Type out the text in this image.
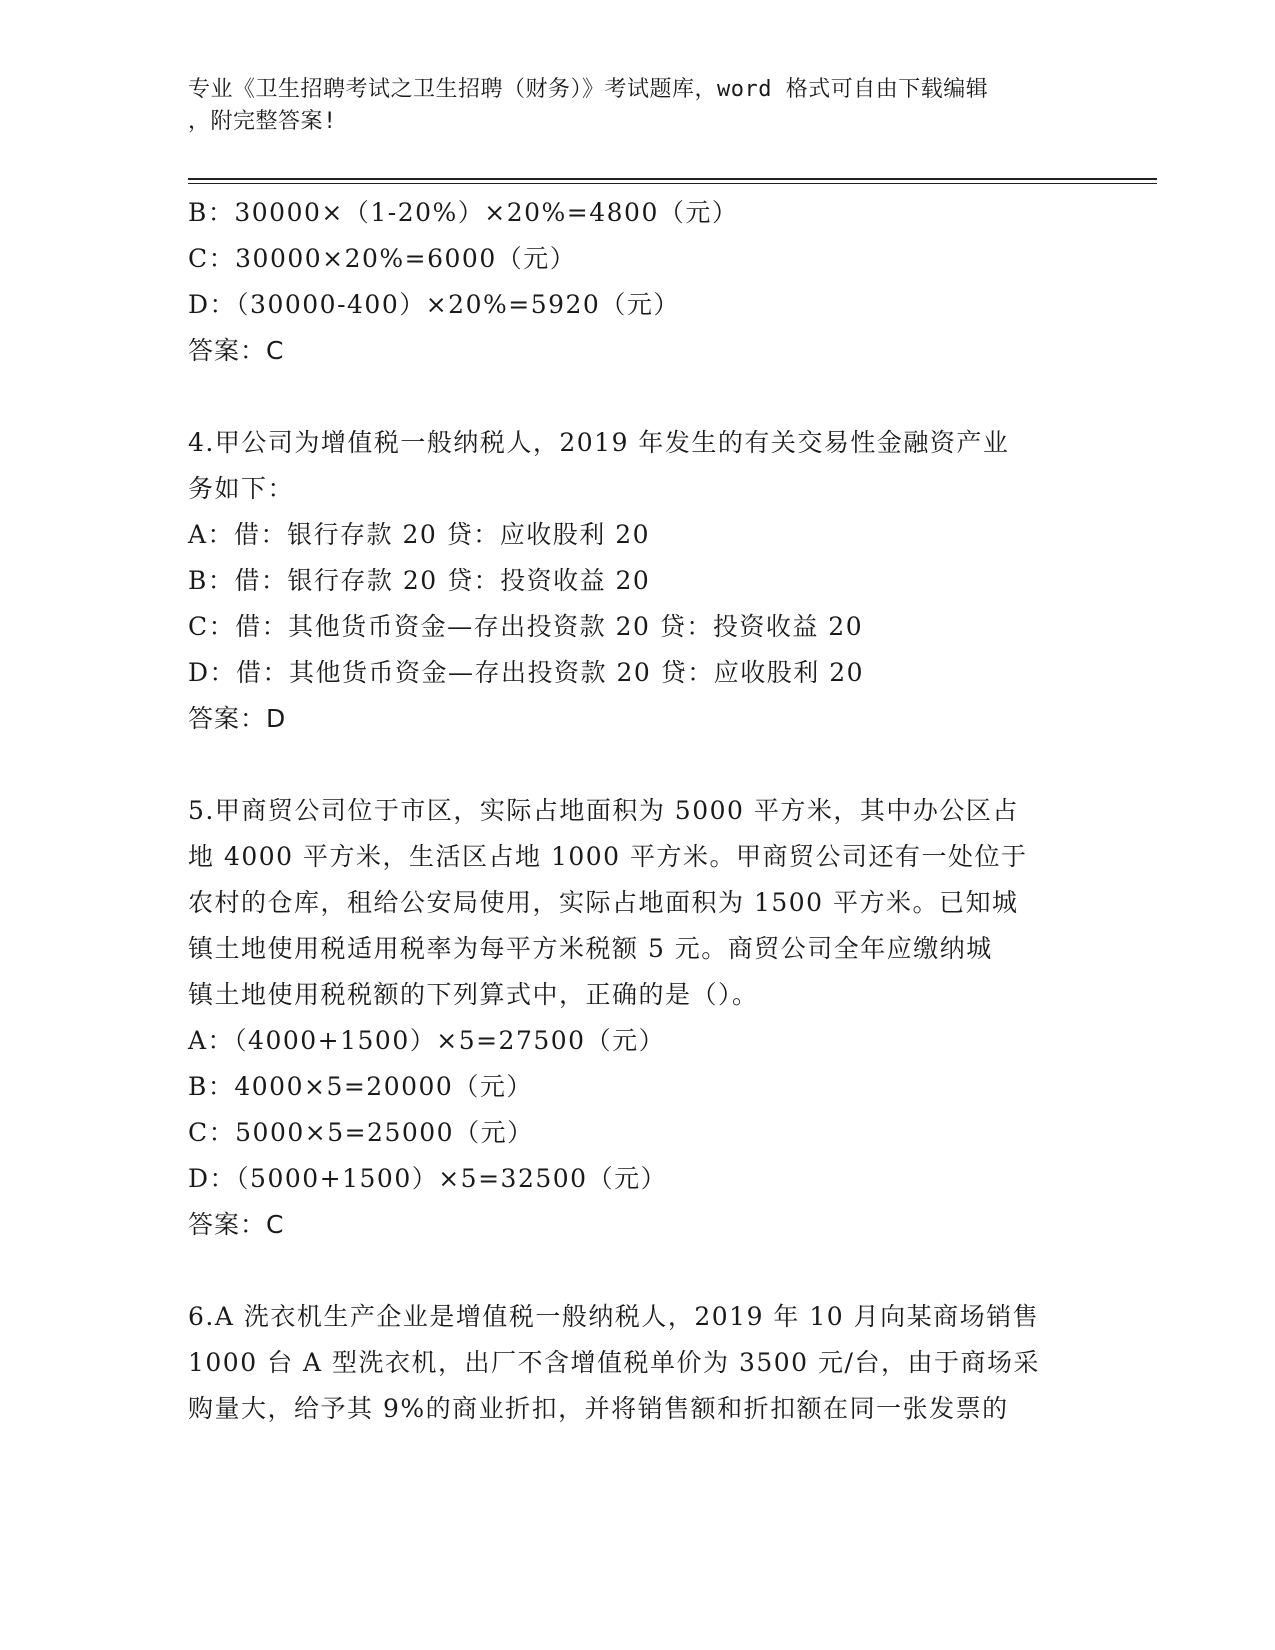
专业《卫生招聘考试之卫生招聘（财务）》考试题库，word 格式可自由下载编辑
，附完整答案!
B：30000×（1-20%）×20%=4800（元）
C：30000×20%=6000（元）
D：（30000-400）×20%=5920（元）
答案：C
4.甲公司为增值税一般纳税人，2019 年发生的有关交易性金融资产业
务如下：
A：借：银行存款 20 贷：应收股利 20
B：借：银行存款 20 贷：投资收益 20
C：借：其他货币资金—存出投资款 20 贷：投资收益 20
D：借：其他货币资金—存出投资款 20 贷：应收股利 20
答案：D
5.甲商贸公司位于市区，实际占地面积为 5000 平方米，其中办公区占
地 4000 平方米，生活区占地 1000 平方米。甲商贸公司还有一处位于
农村的仓库，租给公安局使用，实际占地面积为 1500 平方米。已知城
镇土地使用税适用税率为每平方米税额 5 元。商贸公司全年应缴纳城
镇土地使用税税额的下列算式中，正确的是（）。
A：（4000+1500）×5=27500（元）
B：4000×5=20000（元）
C：5000×5=25000（元）
D：（5000+1500）×5=32500（元）
答案：C
6.A 洗衣机生产企业是增值税一般纳税人，2019 年 10 月向某商场销售
1000 台 A 型洗衣机，出厂不含增值税单价为 3500 元/台，由于商场采
购量大，给予其 9%的商业折扣，并将销售额和折扣额在同一张发票的
